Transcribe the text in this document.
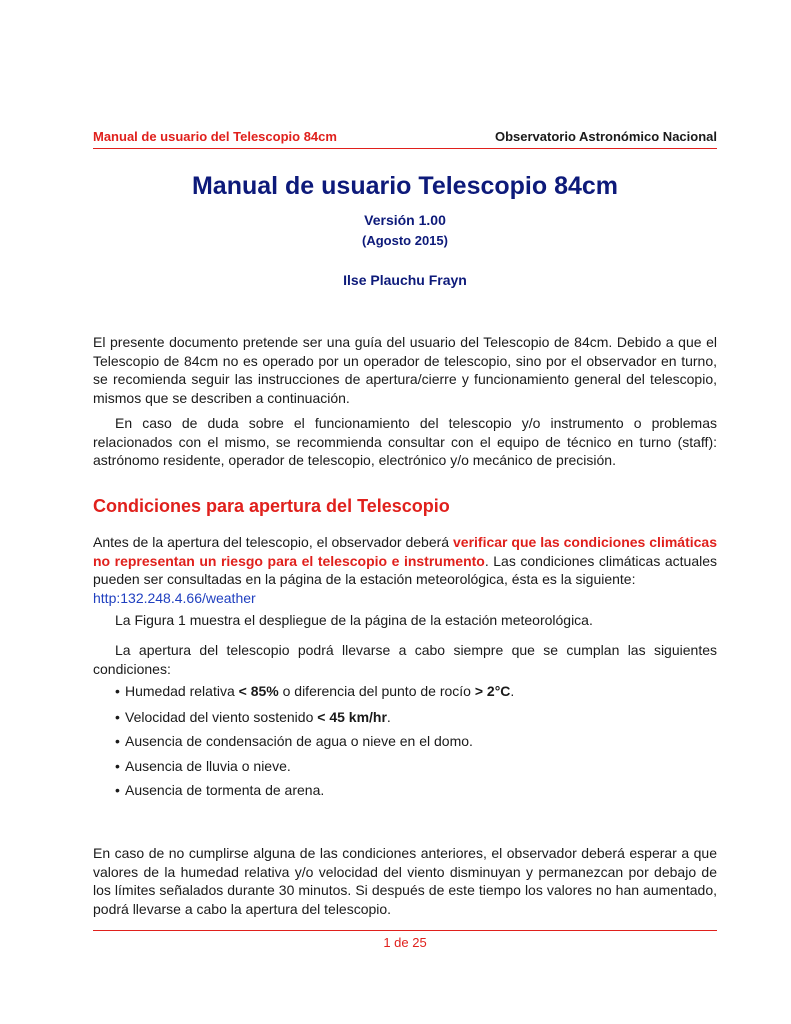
Manual de usuario del Telescopio 84cm	Observatorio Astronómico Nacional
Manual de usuario Telescopio 84cm
Versión 1.00
(Agosto 2015)
Ilse Plauchu Frayn

El presente documento pretende ser una guía del usuario del Telescopio de 84cm. Debido a que el Telescopio de 84cm no es operado por un operador de telescopio, sino por el observador en turno, se recomienda seguir las instrucciones de apertura/cierre y funcionamiento general del telescopio, mismos que se describen a continuación.

En caso de duda sobre el funcionamiento del telescopio y/o instrumento o problemas relacionados con el mismo, se recommienda consultar con el equipo de técnico en turno (staff): astrónomo residente, operador de telescopio, electrónico y/o mecánico de precisión.

Condiciones para apertura del Telescopio

Antes de la apertura del telescopio, el observador deberá verificar que las condiciones climáticas no representan un riesgo para el telescopio e instrumento. Las condiciones climáticas actuales pueden ser consultadas en la página de la estación meteorológica, ésta es la siguiente:
http:132.248.4.66/weather

La Figura 1 muestra el despliegue de la página de la estación meteorológica.

La apertura del telescopio podrá llevarse a cabo siempre que se cumplan las siguientes condiciones:

• Humedad relativa < 85% o diferencia del punto de rocío > 2°C.
• Velocidad del viento sostenido < 45 km/hr.
• Ausencia de condensación de agua o nieve en el domo.
• Ausencia de lluvia o nieve.
• Ausencia de tormenta de arena.

En caso de no cumplirse alguna de las condiciones anteriores, el observador deberá esperar a que valores de la humedad relativa y/o velocidad del viento disminuyan y permanezcan por debajo de los límites señalados durante 30 minutos. Si después de este tiempo los valores no han aumentado, podrá llevarse a cabo la apertura del telescopio.

1 de 25
